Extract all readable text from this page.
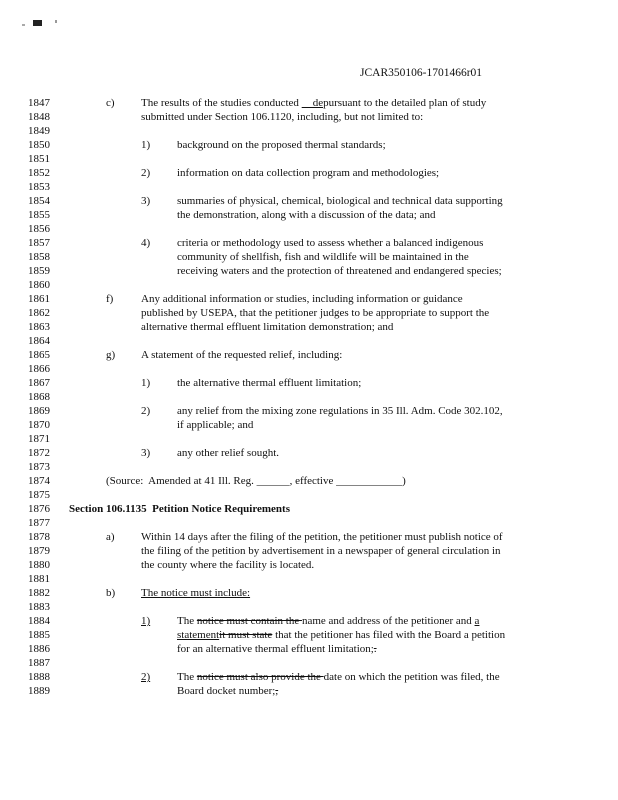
JCAR350106-1701466r01
1847	c) The results of the studies conducted     depursuant to the detailed plan of study
1848	submitted under Section 106.1120, including, but not limited to:
1849
1850	1) background on the proposed thermal standards;
1851
1852	2) information on data collection program and methodologies;
1853
1854	3) summaries of physical, chemical, biological and technical data supporting
1855	the demonstration, along with a discussion of the data; and
1856
1857	4) criteria or methodology used to assess whether a balanced indigenous
1858	community of shellfish, fish and wildlife will be maintained in the
1859	receiving waters and the protection of threatened and endangered species;
1860
1861	f)	Any additional information or studies, including information or guidance
1862	published by USEPA, that the petitioner judges to be appropriate to support the
1863	alternative thermal effluent limitation demonstration; and
1864
1865	g) A statement of the requested relief, including:
1866
1867	1) the alternative thermal effluent limitation;
1868
1869	2) any relief from the mixing zone regulations in 35 Ill. Adm. Code 302.102,
1870	if applicable; and
1871
1872	3) any other relief sought.
1873
1874	(Source:  Amended at 41 Ill. Reg. ______, effective ____________)
1875
1876 Section 106.1135  Petition Notice Requirements
1877
1878	a) Within 14 days after the filing of the petition, the petitioner must publish notice of
1879	the filing of the petition by advertisement in a newspaper of general circulation in
1880	the county where the facility is located.
1881
1882	b) The notice must include:
1883
1884	1) The notice must contain the name and address of the petitioner and a
1885	statementit must state that the petitioner has filed with the Board a petition
1886	for an alternative thermal effluent limitation;.
1887
1888	2) The notice must also provide the date on which the petition was filed, the
1889	Board docket number;,
